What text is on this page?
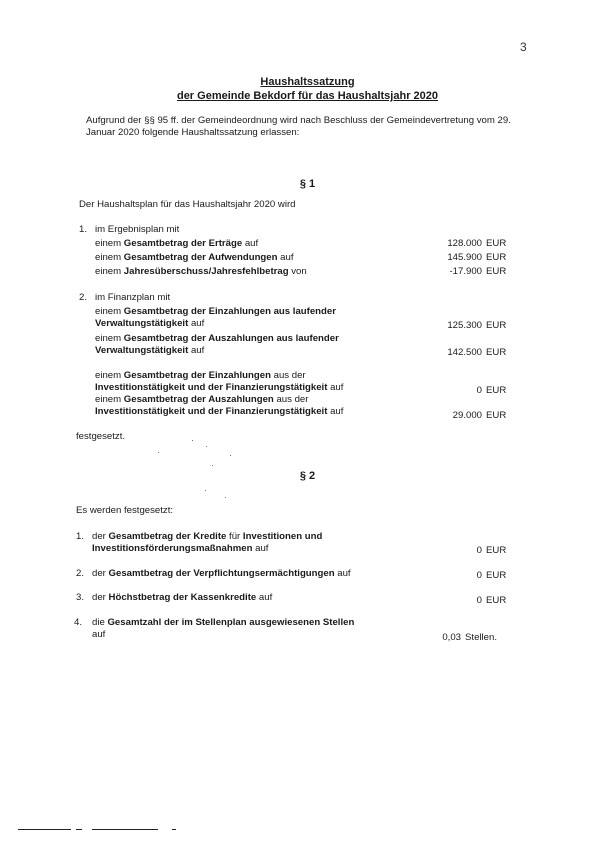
3
Haushaltssatzung
der Gemeinde Bekdorf für das Haushaltsjahr 2020
Aufgrund der §§ 95 ff. der Gemeindeordnung wird nach Beschluss der Gemeindevertretung vom 29. Januar 2020 folgende Haushaltssatzung erlassen:
§ 1
Der Haushaltsplan für das Haushaltsjahr 2020 wird
1. im Ergebnisplan mit
einem Gesamtbetrag der Erträge auf	128.000 EUR
einem Gesamtbetrag der Aufwendungen auf	145.900 EUR
einem Jahresüberschuss/Jahresfehlbetrag von	-17.900 EUR
2. im Finanzplan mit
einem Gesamtbetrag der Einzahlungen aus laufender
Verwaltungstätigkeit auf	125.300 EUR
einem Gesamtbetrag der Auszahlungen aus laufender
Verwaltungstätigkeit auf	142.500 EUR
einem Gesamtbetrag der Einzahlungen aus der
Investitionstätigkeit und der Finanzierungstätigkeit auf	0 EUR
einem Gesamtbetrag der Auszahlungen aus der
Investitionstätigkeit und der Finanzierungstätigkeit auf	29.000 EUR
festgesetzt.
§ 2
Es werden festgesetzt:
1. der Gesamtbetrag der Kredite für Investitionen und
Investitionsförderungsmaßnahmen auf	0 EUR
2. der Gesamtbetrag der Verpflichtungsermächtigungen auf	0 EUR
3. der Höchstbetrag der Kassenkredite auf	0 EUR
4.	die Gesamtzahl der im Stellenplan ausgewiesenen Stellen
auf	0,03 Stellen.
